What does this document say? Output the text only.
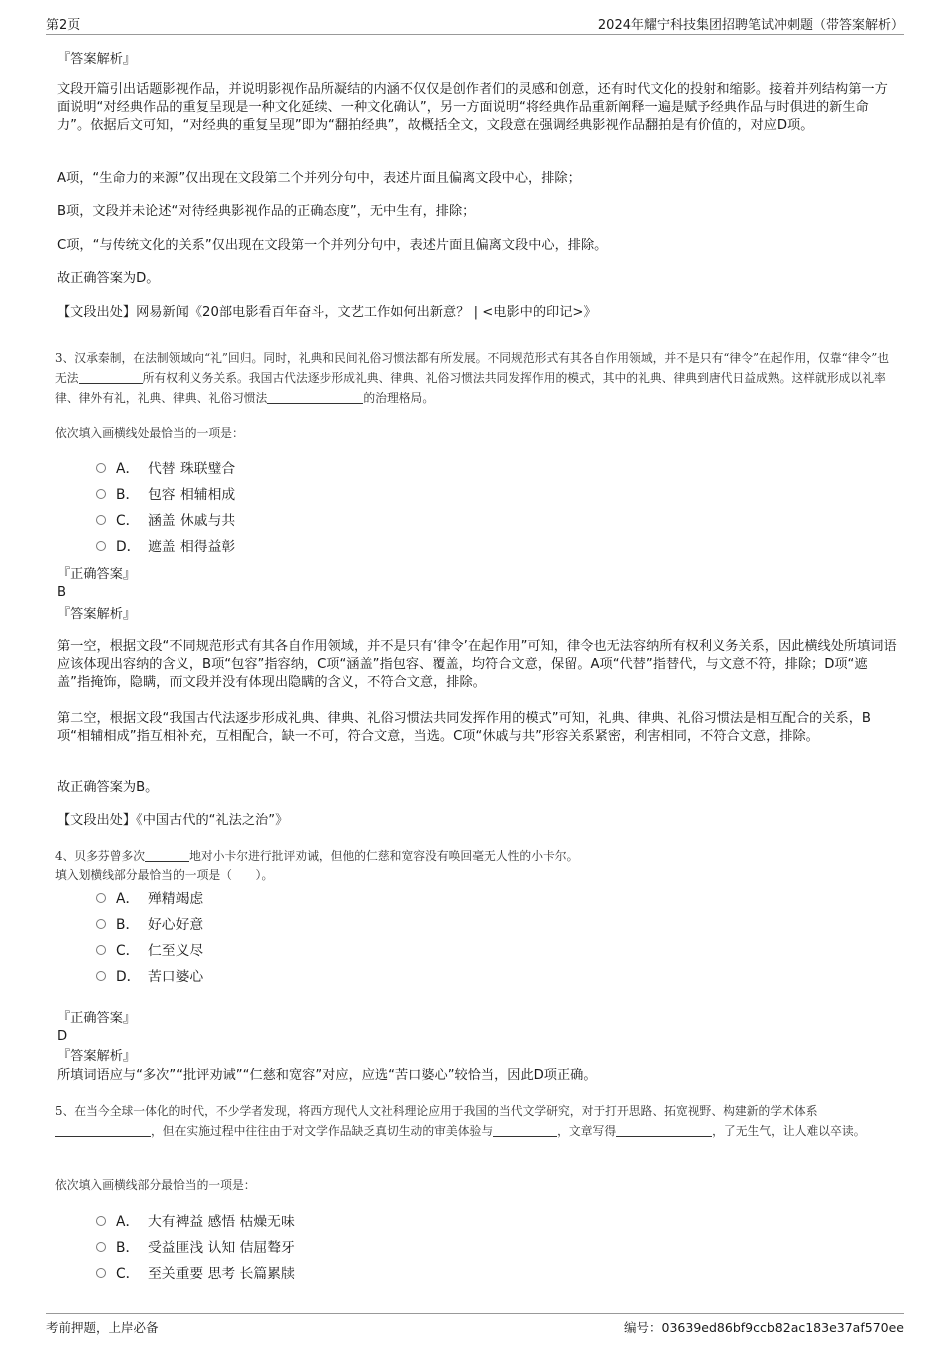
第2页	2024年耀宁科技集团招聘笔试冲刺题（带答案解析）
『答案解析』
文段开篇引出话题影视作品，并说明影视作品所凝结的内涵不仅仅是创作者们的灵感和创意，还有时代文化的投射和缩影。接着并列结构第一方面说明“对经典作品的重复呈现是一种文化延续、一种文化确认”，另一方面说明“将经典作品重新阐释一遍是赋予经典作品与时俱进的新生命力”。依据后文可知，“对经典的重复呈现”即为“翻拍经典”，故概括全文，文段意在强调经典影视作品翻拍是有价值的，对应D项。
A项，“生命力的来源”仅出现在文段第二个并列分句中，表述片面且偏离文段中心，排除；
B项，文段并未论述“对待经典影视作品的正确态度”，无中生有，排除；
C项，“与传统文化的关系”仅出现在文段第一个并列分句中，表述片面且偏离文段中心，排除。
故正确答案为D。
【文段出处】网易新闻《20部电影看百年奋斗，文艺工作如何出新意？ | <电影中的印记>》
3、汉承秦制，在法制领域向“礼”回归。同时，礼典和民间礼俗习惯法都有所发展。不同规范形式有其各自作用领域，并不是只有“律令”在起作用，仅靠“律令”也无法	所有权利义务关系。我国古代法逐步形成礼典、律典、礼俗习惯法共同发挥作用的模式，其中的礼典、律典到唐代日益成熟。这样就形成以礼率律、律外有礼，礼典、律典、礼俗习惯法	的治理格局。
依次填入画横线处最恰当的一项是：
A． 代替 珠联璧合
B． 包容 相辅相成
C． 涵盖 休戚与共
D． 遮盖 相得益彰
『正确答案』
B
『答案解析』
第一空，根据文段“不同规范形式有其各自作用领域，并不是只有‘律令’在起作用”可知，律令也无法容纳所有权利义务关系，因此横线处所填词语应该体现出容纳的含义，B项“包容”指容纳，C项“涵盖”指包容、覆盖，均符合文意，保留。A项“代替”指替代，与文意不符，排除；D项“遮盖”指掩饰，隐瞒，而文段并没有体现出隐瞒的含义，不符合文意，排除。
第二空，根据文段“我国古代法逐步形成礼典、律典、礼俗习惯法共同发挥作用的模式”可知，礼典、律典、礼俗习惯法是相互配合的关系，B项“相辅相成”指互相补充，互相配合，缺一不可，符合文意，当选。C项“休戚与共”形容关系紧密，利害相同，不符合文意，排除。
故正确答案为B。
【文段出处】《中国古代的“礼法之治”》
4、贝多芬曾多次	地对小卡尔进行批评劝诫，但他的仁慈和宽容没有唤回毫无人性的小卡尔。
填入划横线部分最恰当的一项是（　　）。
A． 殚精竭虑
B． 好心好意
C． 仁至义尽
D． 苦口婆心
『正确答案』
D
『答案解析』
所填词语应与“多次”“批评劝诫”“仁慈和宽容”对应，应选“苦口婆心”较恰当，因此D项正确。
5、在当今全球一体化的时代，不少学者发现，将西方现代人文社科理论应用于我国的当代文学研究，对于打开思路、拓宽视野、构建新的学术体系，但在实施过程中往往由于对文学作品缺乏真切生动的审美体验与	，文章写得	，了无生气，让人难以卒读。
依次填入画横线部分最恰当的一项是：
A． 大有裨益 感悟 枯燥无味
B． 受益匪浅 认知 佶屈聱牙
C． 至关重要 思考 长篇累牍
考前押题，上岸必备	编号：03639ed86bf9ccb82ac183e37af570ee
